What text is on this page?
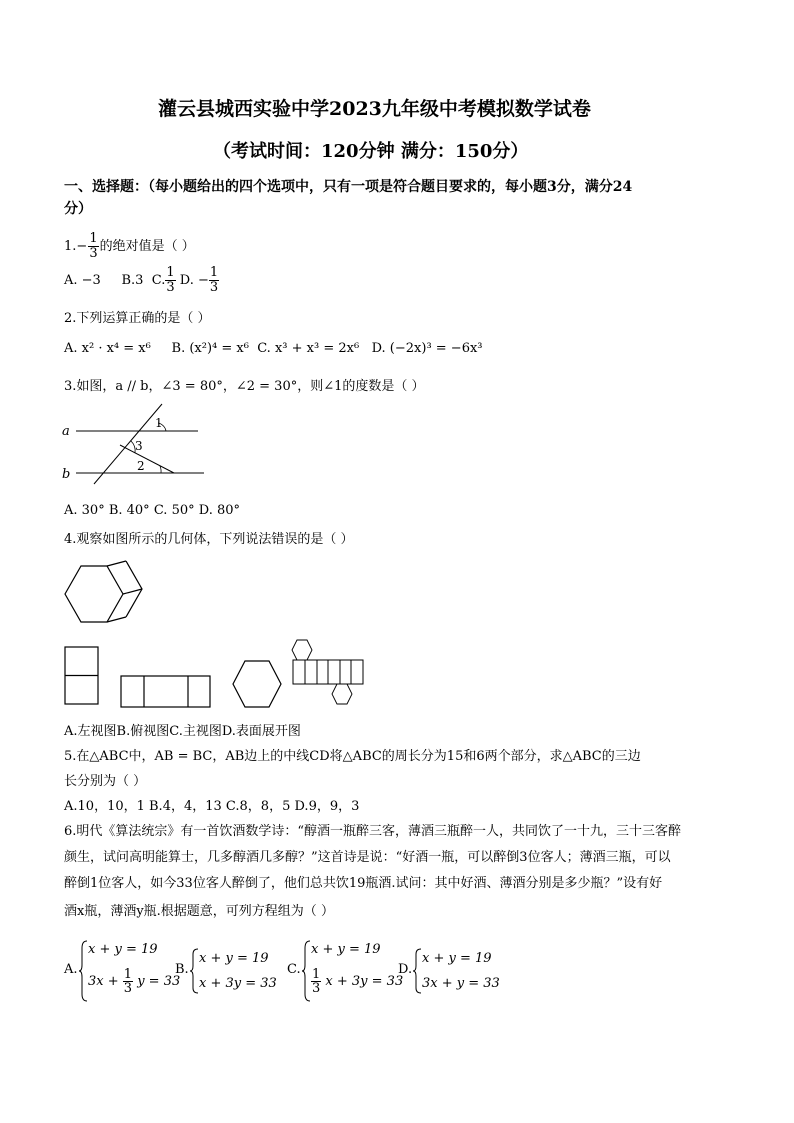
灌云县城西实验中学2023九年级中考模拟数学试卷
（考试时间：120分钟 满分：150分）
一、选择题：（每小题给出的四个选项中，只有一项是符合题目要求的，每小题3分，满分24
分）
$1.- \frac{1}{3}$ 的绝对值是（ ）
A. −3 B.3 C. $\frac{1}{3} D$. − $\frac{1}{3}$
2.下列运算正确的是（ ）
A. x² · x⁴ = x⁶ B. (x²)⁴ = x⁶ C. x³ + x³ = 2x⁶ D. (−2x)³ = −6x³
3.如图，a // b，∠3 = 80°，∠2 = 30°，则∠1的度数是（ ）
a
b
1
3
2
A. 30° B. 40° C. 50° D. 80°
4.观察如图所示的几何体，下列说法错误的是（ ）
A.左视图B.俯视图C.主视图D.表面展开图
5.在△ABC中，AB = BC，AB边上的中线CD将△ABC的周长分为15和6两个部分，求△ABC的三边
长分别为（ ）
A.10，10，1 B.4，4，13 C.8，8，5 D.9，9，3
6.明代《算法统宗》有一首饮酒数学诗：“醇酒一瓶醉三客，薄酒三瓶醉一人，共同饮了一十九，三十三客醉
颜生，试问高明能算士，几多醇酒几多醇？”这首诗是说：“好酒一瓶，可以醉倒3位客人；薄酒三瓶，可以
醉倒1位客人，如今33位客人醉倒了，他们总共饮19瓶酒.试问：其中好酒、薄酒分别是多少瓶？”设有好
酒x瓶，薄酒y瓶.根据题意，可列方程组为（ ）
A.
x + y = 19
$3x + \frac{1}{3}$ y = 33
B.
x + y = 19
x + 3y = 33
C.
x + y = 19
$\frac{1}{3}$ x + 3y = 33
D.
x + y = 19
3x + y = 33
